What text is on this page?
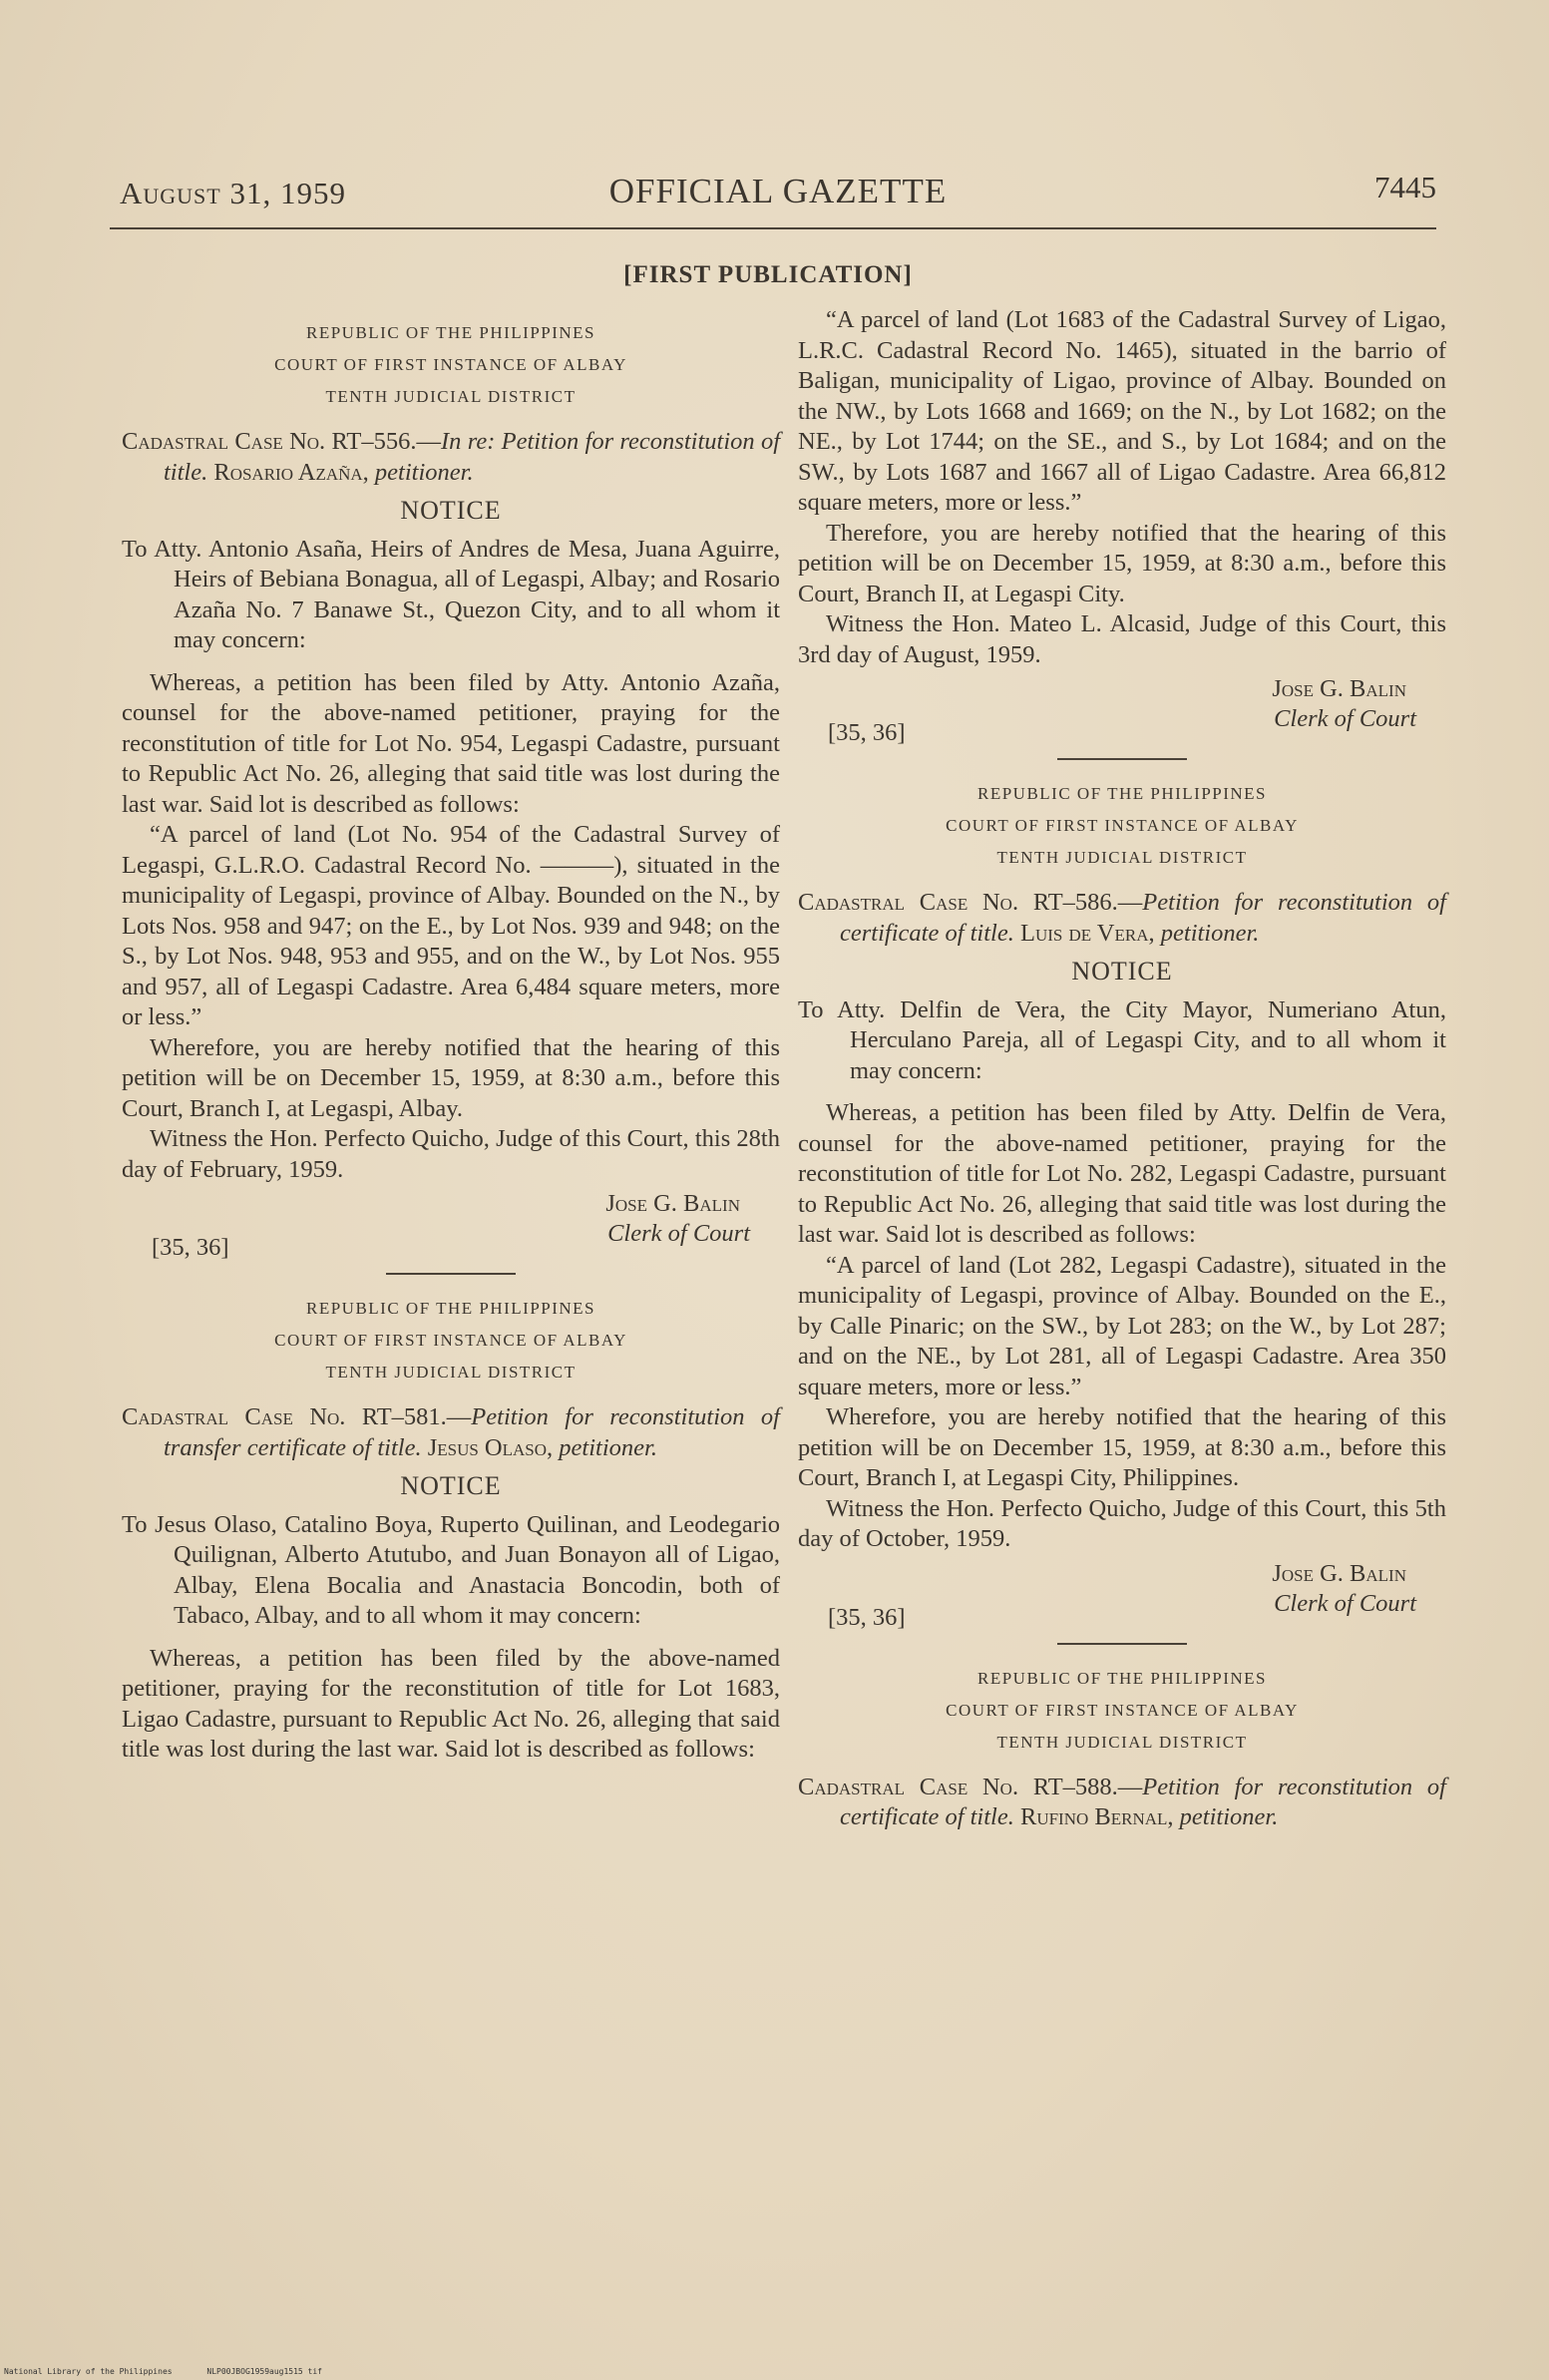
August 31, 1959	OFFICIAL GAZETTE	7445
[FIRST PUBLICATION]
REPUBLIC OF THE PHILIPPINES
COURT OF FIRST INSTANCE OF ALBAY
TENTH JUDICIAL DISTRICT

Cadastral Case No. RT–556.—In re: Petition for reconstitution of title. Rosario Azaña, petitioner.

NOTICE

To Atty. Antonio Asaña, Heirs of Andres de Mesa, Juana Aguirre, Heirs of Bebiana Bonagua, all of Legaspi, Albay; and Rosario Azaña No. 7 Banawe St., Quezon City, and to all whom it may concern:

Whereas, a petition has been filed by Atty. Antonio Azaña, counsel for the above-named petitioner, praying for the reconstitution of title for Lot No. 954, Legaspi Cadastre, pursuant to Republic Act No. 26, alleging that said title was lost during the last war. Said lot is described as follows:

“A parcel of land (Lot No. 954 of the Cadastral Survey of Legaspi, G.L.R.O. Cadastral Record No. ———), situated in the municipality of Legaspi, province of Albay. Bounded on the N., by Lots Nos. 958 and 947; on the E., by Lot Nos. 939 and 948; on the S., by Lot Nos. 948, 953 and 955, and on the W., by Lot Nos. 955 and 957, all of Legaspi Cadastre. Area 6,484 square meters, more or less.”

Wherefore, you are hereby notified that the hearing of this petition will be on December 15, 1959, at 8:30 a.m., before this Court, Branch I, at Legaspi, Albay.

Witness the Hon. Perfecto Quicho, Judge of this Court, this 28th day of February, 1959.

Jose G. Balin
Clerk of Court
[35, 36]
REPUBLIC OF THE PHILIPPINES
COURT OF FIRST INSTANCE OF ALBAY
TENTH JUDICIAL DISTRICT

Cadastral Case No. RT–581.—Petition for reconstitution of transfer certificate of title. Jesus Olaso, petitioner.

NOTICE

To Jesus Olaso, Catalino Boya, Ruperto Quilinan, and Leodegario Quilignan, Alberto Atutubo, and Juan Bonayon all of Ligao, Albay, Elena Bocalia and Anastacia Boncodin, both of Tabaco, Albay, and to all whom it may concern:

Whereas, a petition has been filed by the above-named petitioner, praying for the reconstitution of title for Lot 1683, Ligao Cadastre, pursuant to Republic Act No. 26, alleging that said title was lost during the last war. Said lot is described as follows:

“A parcel of land (Lot 1683 of the Cadastral Survey of Ligao, L.R.C. Cadastral Record No. 1465), situated in the barrio of Baligan, municipality of Ligao, province of Albay. Bounded on the NW., by Lots 1668 and 1669; on the N., by Lot 1682; on the NE., by Lot 1744; on the SE., and S., by Lot 1684; and on the SW., by Lots 1687 and 1667 all of Ligao Cadastre. Area 66,812 square meters, more or less.”

Therefore, you are hereby notified that the hearing of this petition will be on December 15, 1959, at 8:30 a.m., before this Court, Branch II, at Legaspi City.

Witness the Hon. Mateo L. Alcasid, Judge of this Court, this 3rd day of August, 1959.

Jose G. Balin
Clerk of Court
[35, 36]
REPUBLIC OF THE PHILIPPINES
COURT OF FIRST INSTANCE OF ALBAY
TENTH JUDICIAL DISTRICT

Cadastral Case No. RT–586.—Petition for reconstitution of certificate of title. Luis de Vera, petitioner.

NOTICE

To Atty. Delfin de Vera, the City Mayor, Numeriano Atun, Herculano Pareja, all of Legaspi City, and to all whom it may concern:

Whereas, a petition has been filed by Atty. Delfin de Vera, counsel for the above-named petitioner, praying for the reconstitution of title for Lot No. 282, Legaspi Cadastre, pursuant to Republic Act No. 26, alleging that said title was lost during the last war. Said lot is described as follows:

“A parcel of land (Lot 282, Legaspi Cadastre), situated in the municipality of Legaspi, province of Albay. Bounded on the E., by Calle Pinaric; on the SW., by Lot 283; on the W., by Lot 287; and on the NE., by Lot 281, all of Legaspi Cadastre. Area 350 square meters, more or less.”

Wherefore, you are hereby notified that the hearing of this petition will be on December 15, 1959, at 8:30 a.m., before this Court, Branch I, at Legaspi City, Philippines.

Witness the Hon. Perfecto Quicho, Judge of this Court, this 5th day of October, 1959.

Jose G. Balin
Clerk of Court
[35, 36]
REPUBLIC OF THE PHILIPPINES
COURT OF FIRST INSTANCE OF ALBAY
TENTH JUDICIAL DISTRICT

Cadastral Case No. RT–588.—Petition for reconstitution of certificate of title. Rufino Bernal, petitioner.

National Library of the Philippines	NLP00JBOG1959aug1515 tif
